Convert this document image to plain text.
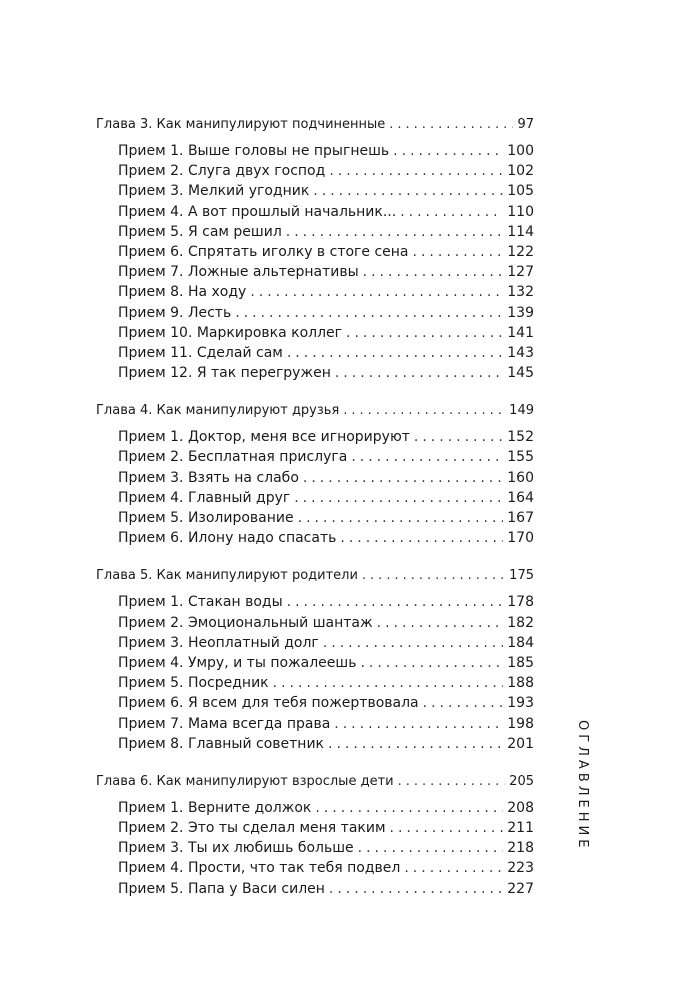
Глава 3. Как манипулируют подчиненные .....	97
Прием 1. Выше головы не прыгнешь .....	100
Прием 2. Слуга двух господ .....	102
Прием 3. Мелкий угодник .....	105
Прием 4. А вот прошлый начальник... .....	110
Прием 5. Я сам решил .....	114
Прием 6. Спрятать иголку в стоге сена .....	122
Прием 7. Ложные альтернативы .....	127
Прием 8. На ходу .....	132
Прием 9. Лесть .....	139
Прием 10. Маркировка коллег .....	141
Прием 11. Сделай сам .....	143
Прием 12. Я так перегружен .....	145
Глава 4. Как манипулируют друзья .....	149
Прием 1. Доктор, меня все игнорируют .....	152
Прием 2. Бесплатная прислуга .....	155
Прием 3. Взять на слабо .....	160
Прием 4. Главный друг .....	164
Прием 5. Изолирование .....	167
Прием 6. Илону надо спасать .....	170
Глава 5. Как манипулируют родители .....	175
Прием 1. Стакан воды .....	178
Прием 2. Эмоциональный шантаж .....	182
Прием 3. Неоплатный долг .....	184
Прием 4. Умру, и ты пожалеешь .....	185
Прием 5. Посредник .....	188
Прием 6. Я всем для тебя пожертвовала .....	193
Прием 7. Мама всегда права .....	198
Прием 8. Главный советник .....	201
Глава 6. Как манипулируют взрослые дети .....	205
Прием 1. Верните должок .....	208
Прием 2. Это ты сделал меня таким .....	211
Прием 3. Ты их любишь больше .....	218
Прием 4. Прости, что так тебя подвел .....	223
Прием 5. Папа у Васи силен .....	227
ОГЛАВЛЕНИЕ
